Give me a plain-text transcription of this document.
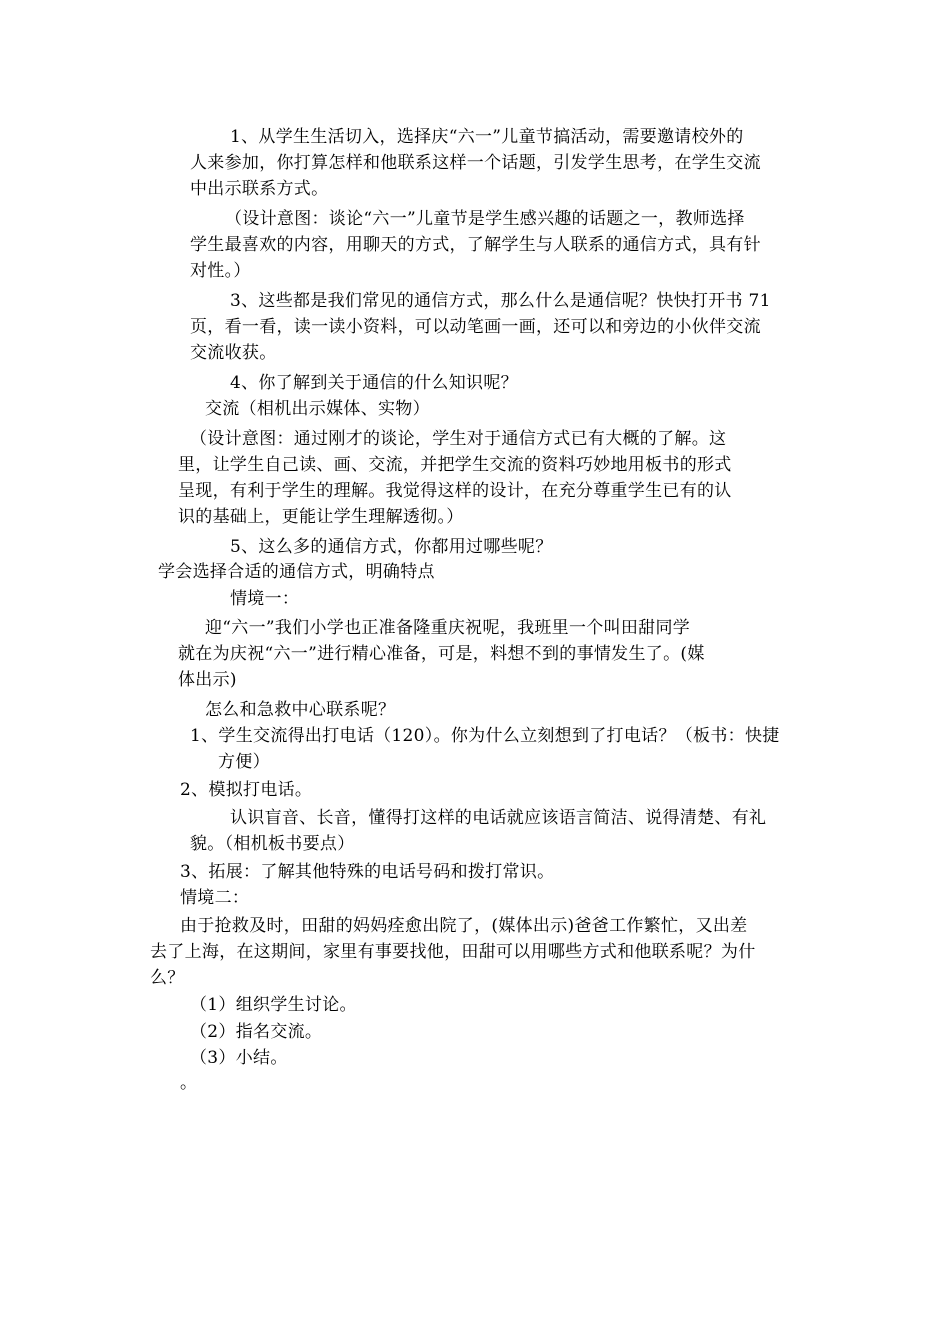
1、从学生生活切入，选择庆“六一”儿童节搞活动，需要邀请校外的
人来参加，你打算怎样和他联系这样一个话题，引发学生思考，在学生交流
中出示联系方式。
（设计意图：谈论“六一”儿童节是学生感兴趣的话题之一，教师选择
学生最喜欢的内容，用聊天的方式，了解学生与人联系的通信方式，具有针
对性。）
3、这些都是我们常见的通信方式，那么什么是通信呢？快快打开书 71
页，看一看，读一读小资料，可以动笔画一画，还可以和旁边的小伙伴交流
交流收获。
4、你了解到关于通信的什么知识呢？
交流（相机出示媒体、实物）
（设计意图：通过刚才的谈论，学生对于通信方式已有大概的了解。这
里，让学生自己读、画、交流，并把学生交流的资料巧妙地用板书的形式
呈现，有利于学生的理解。我觉得这样的设计，在充分尊重学生已有的认
识的基础上，更能让学生理解透彻。）
5、这么多的通信方式，你都用过哪些呢？
学会选择合适的通信方式，明确特点
情境一：
迎“六一”我们小学也正准备隆重庆祝呢，我班里一个叫田甜同学
就在为庆祝“六一”进行精心准备，可是，料想不到的事情发生了。(媒
体出示)
怎么和急救中心联系呢？
1、学生交流得出打电话（120）。你为什么立刻想到了打电话？（板书：快捷
方便）
2、模拟打电话。
认识盲音、长音，懂得打这样的电话就应该语言简洁、说得清楚、有礼
貌。（相机板书要点）
3、拓展：了解其他特殊的电话号码和拨打常识。
情境二：
由于抢救及时，田甜的妈妈痊愈出院了，(媒体出示)爸爸工作繁忙，又出差
去了上海，在这期间，家里有事要找他，田甜可以用哪些方式和他联系呢？为什
么？
（1）组织学生讨论。
（2）指名交流。
（3）小结。
。
